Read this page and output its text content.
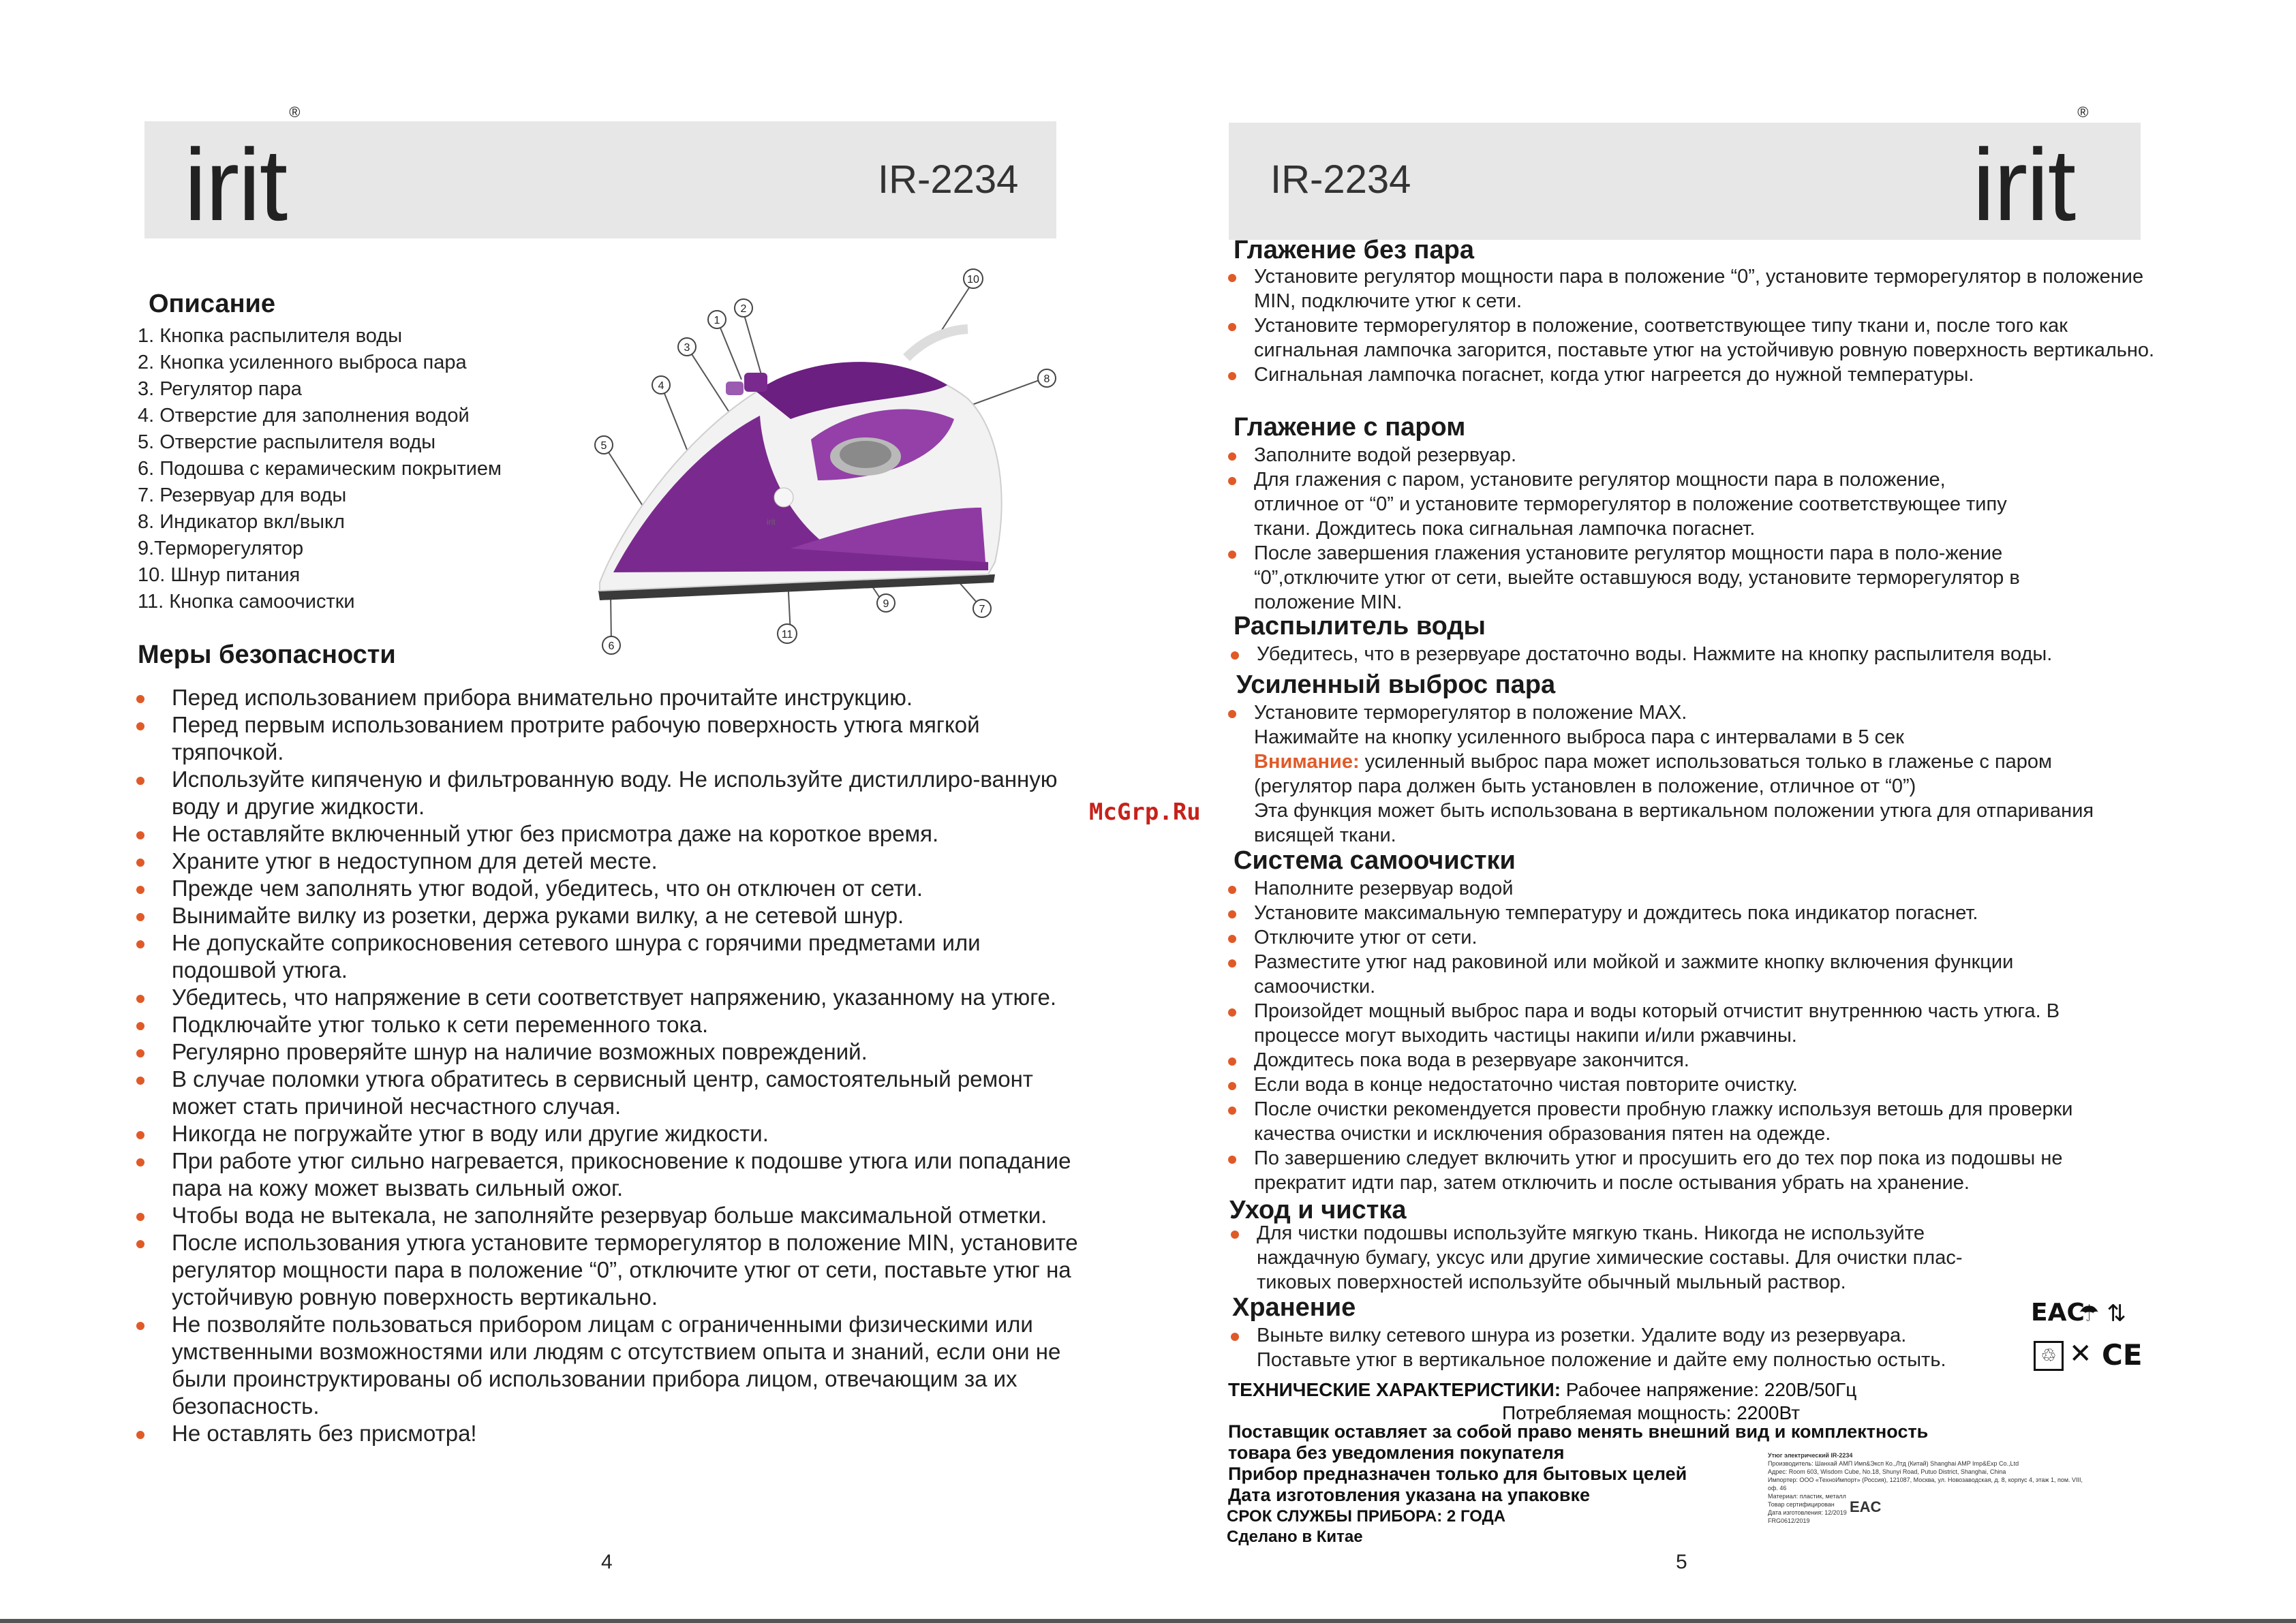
irit®
IR-2234
Описание
1. Кнопка распылителя воды
2. Кнопка усиленного выброса пара
3. Регулятор пара
4. Отверстие для заполнения водой
5. Отверстие распылителя воды
6. Подошва с керамическим покрытием
7. Резервуар для воды
8. Индикатор вкл/выкл
9.Терморегулятор
10. Шнур питания
11. Кнопка самоочистки
irit
1
2
3
4
5
6
7
8
9
10
11
Меры безопасности
Перед использованием прибора внимательно прочитайте инструкцию.
Перед первым использованием протрите рабочую поверхность утюга мягкой тряпочкой.
Используйте кипяченую и фильтрованную воду. Не используйте дистиллиро-ванную воду и другие жидкости.
Не оставляйте включенный утюг без присмотра даже на короткое время.
Храните утюг в недоступном для детей месте.
Прежде чем заполнять утюг водой, убедитесь, что он отключен от сети.
Вынимайте вилку из розетки, держа руками вилку, а не сетевой шнур.
Не допускайте соприкосновения сетевого шнура с горячими предметами или подошвой утюга.
Убедитесь, что напряжение в сети соответствует напряжению, указанному на утюге.
Подключайте утюг только к сети переменного тока.
Регулярно проверяйте шнур на наличие возможных повреждений.
В случае поломки утюга обратитесь в сервисный центр, самостоятельный ремонт может стать причиной несчастного случая.
Никогда не погружайте утюг в воду или другие жидкости.
При работе утюг сильно нагревается, прикосновение к подошве утюга или попадание пара на кожу может вызвать сильный ожог.
Чтобы вода не вытекала, не заполняйте резервуар больше максимальной отметки.
После использования утюга установите терморегулятор в положение MIN, установите регулятор мощности пара в положение “0”, отключите утюг от сети, поставьте утюг на устойчивую ровную поверхность вертикально.
Не позволяйте пользоваться прибором лицам с ограниченными физическими или умственными возможностями или людям с отсутствием опыта и знаний, если они не были проинструктированы об использовании прибора лицом, отвечающим за их безопасность.
Не оставлять без присмотра!
4
McGrp.Ru
IR-2234	irit®
Глажение без пара
Установите регулятор мощности пара в положение “0”, установите терморегулятор в положение MIN, подключите утюг к сети.
Установите терморегулятор в положение, соответствующее типу ткани и, после того как сигнальная лампочка загорится, поставьте утюг на устойчивую ровную поверхность вертикально.
Сигнальная лампочка погаснет, когда утюг нагреется до нужной температуры.
Глажение с паром
Заполните водой резервуар.
Для глажения с паром, установите регулятор мощности пара в положение, отличное от “0” и установите терморегулятор в положение соответствующее типу ткани. Дождитесь пока сигнальная лампочка погаснет.
После завершения глажения установите регулятор мощности пара в поло-жение “0”,отключите утюг от сети, выейте оставшуюся воду, установите терморегулятор в положение MIN.
Распылитель воды
Убедитесь, что в резервуаре достаточно воды. Нажмите на кнопку распылителя воды.
Усиленный выброс пара
Установите терморегулятор в положение MAX.
Нажимайте на кнопку усиленного выброса пара с интервалами в 5 сек
Внимание: усиленный выброс пара может использоваться только в глаженье с паром (регулятор пара должен быть установлен в положение, отличное от “0”)
Эта функция может быть использована в вертикальном положении утюга для отпаривания висящей ткани.
Система самоочистки
Наполните резервуар водой
Установите максимальную температуру и дождитесь пока индикатор погаснет.
Отключите утюг от сети.
Разместите утюг над раковиной или мойкой и зажмите кнопку включения функции самоочистки.
Произойдет мощный выброс пара и воды который отчистит внутреннюю часть утюга. В процессе могут выходить частицы накипи и/или ржавчины.
Дождитесь пока вода в резервуаре закончится.
Если вода в конце недостаточно чистая повторите очистку.
После очистки рекомендуется провести пробную глажку используя ветошь для проверки качества очистки и исключения образования пятен на одежде.
По завершению следует включить утюг и просушить его до тех пор пока из подошвы не прекратит идти пар, затем отключить и после остывания убрать на хранение.
Уход и чистка
Для чистки подошвы используйте мягкую ткань. Никогда не используйте наждачную бумагу, уксус или другие химические составы. Для очистки плас-тиковых поверхностей используйте обычный мыльный раствор.
Хранение
Выньте вилку сетевого шнура из розетки. Удалите воду из резервуара. Поставьте утюг в вертикальное положение и дайте ему полностью остыть.
EAC
☂ ⇅
♲ ✕ CE
ТЕХНИЧЕСКИЕ ХАРАКТЕРИСТИКИ: Рабочее напряжение: 220В/50Гц
Потребляемая мощность: 2200Вт
Поставщик оставляет за собой право менять внешний вид и комплектность
товара без уведомления покупателя
Прибор предназначен только для бытовых целей
Дата изготовления указана на упаковке
СРОК СЛУЖБЫ ПРИБОРА: 2 ГОДА
Сделано в Китае
Утюг электрический IR-2234
Производитель: Шанхай АМП Имп&Эксп Ко.,Лтд (Китай) Shanghai AMP Imp&Exp Co.,Ltd
Адрес: Room 603, Wisdom Cube, No.18, Shunyi Road, Putuo District, Shanghai, China
Импортер: ООО «ТехноИмпорт» (Россия), 121087, Москва, ул. Новозаводская, д. 8, корпус 4, этаж 1, пом. VIII, оф. 46
Материал: пластик, металл
Товар сертифицирован
Дата изготовления: 12/2019
FRG0612/2019
EAC
5
